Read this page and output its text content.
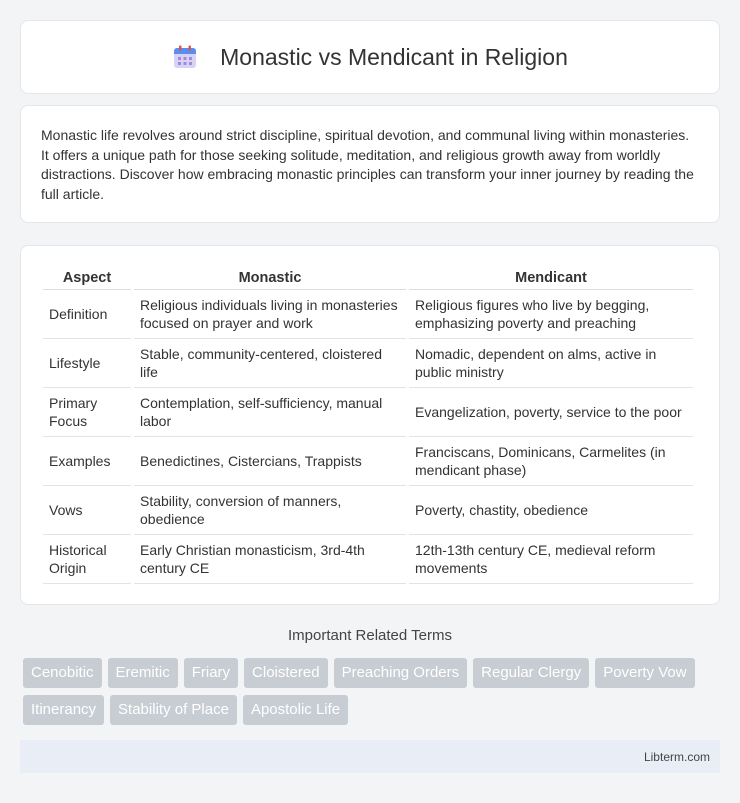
Monastic vs Mendicant in Religion

Monastic life revolves around strict discipline, spiritual devotion, and communal living within monasteries. It offers a unique path for those seeking solitude, meditation, and religious growth away from worldly distractions. Discover how embracing monastic principles can transform your inner journey by reading the full article.

Aspect	Monastic	Mendicant
Definition	Religious individuals living in monasteries focused on prayer and work	Religious figures who live by begging, emphasizing poverty and preaching
Lifestyle	Stable, community-centered, cloistered life	Nomadic, dependent on alms, active in public ministry
Primary Focus	Contemplation, self-sufficiency, manual labor	Evangelization, poverty, service to the poor
Examples	Benedictines, Cistercians, Trappists	Franciscans, Dominicans, Carmelites (in mendicant phase)
Vows	Stability, conversion of manners, obedience	Poverty, chastity, obedience
Historical Origin	Early Christian monasticism, 3rd-4th century CE	12th-13th century CE, medieval reform movements
Important Related Terms
Cenobitic	Eremitic	Friary	Cloistered	Preaching Orders	Regular Clergy	Poverty Vow
Itinerancy	Stability of Place	Apostolic Life
Libterm.com
